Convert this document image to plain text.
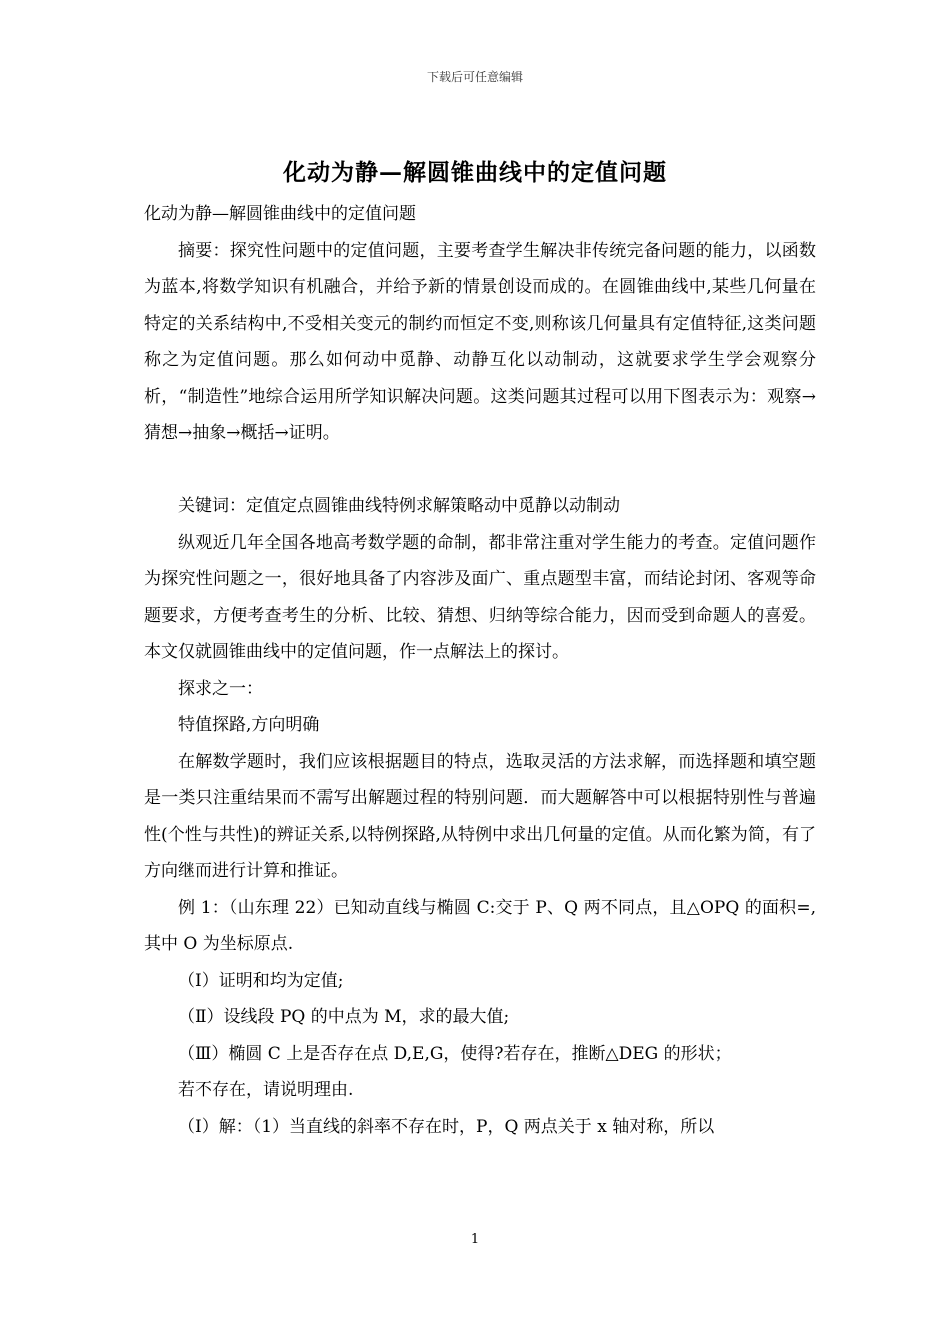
下载后可任意编辑
化动为静—解圆锥曲线中的定值问题

化动为静—解圆锥曲线中的定值问题

摘要：探究性问题中的定值问题，主要考查学生解决非传统完备问题的能力，以函数为蓝本,将数学知识有机融合，并给予新的情景创设而成的。在圆锥曲线中,某些几何量在特定的关系结构中,不受相关变元的制约而恒定不变,则称该几何量具有定值特征,这类问题称之为定值问题。那么如何动中觅静、动静互化以动制动，这就要求学生学会观察分析，“制造性”地综合运用所学知识解决问题。这类问题其过程可以用下图表示为：观察→猜想→抽象→概括→证明。

关键词：定值定点圆锥曲线特例求解策略动中觅静以动制动

纵观近几年全国各地高考数学题的命制，都非常注重对学生能力的考查。定值问题作为探究性问题之一，很好地具备了内容涉及面广、重点题型丰富，而结论封闭、客观等命题要求，方便考查考生的分析、比较、猜想、归纳等综合能力，因而受到命题人的喜爱。本文仅就圆锥曲线中的定值问题，作一点解法上的探讨。

探求之一：

特值探路,方向明确

在解数学题时，我们应该根据题目的特点，选取灵活的方法求解，而选择题和填空题是一类只注重结果而不需写出解题过程的特别问题．而大题解答中可以根据特别性与普遍性(个性与共性)的辨证关系,以特例探路,从特例中求出几何量的定值。从而化繁为简，有了方向继而进行计算和推证。

例 1：（山东理 22）已知动直线与椭圆 C:交于 P、Q 两不同点，且△OPQ 的面积=,其中 O 为坐标原点.

（Ⅰ）证明和均为定值;

（Ⅱ）设线段 PQ 的中点为 M，求的最大值;

（Ⅲ）椭圆 C 上是否存在点 D,E,G，使得?若存在，推断△DEG 的形状；

若不存在，请说明理由.

（I）解：（1）当直线的斜率不存在时，P，Q 两点关于 x 轴对称，所以

1
